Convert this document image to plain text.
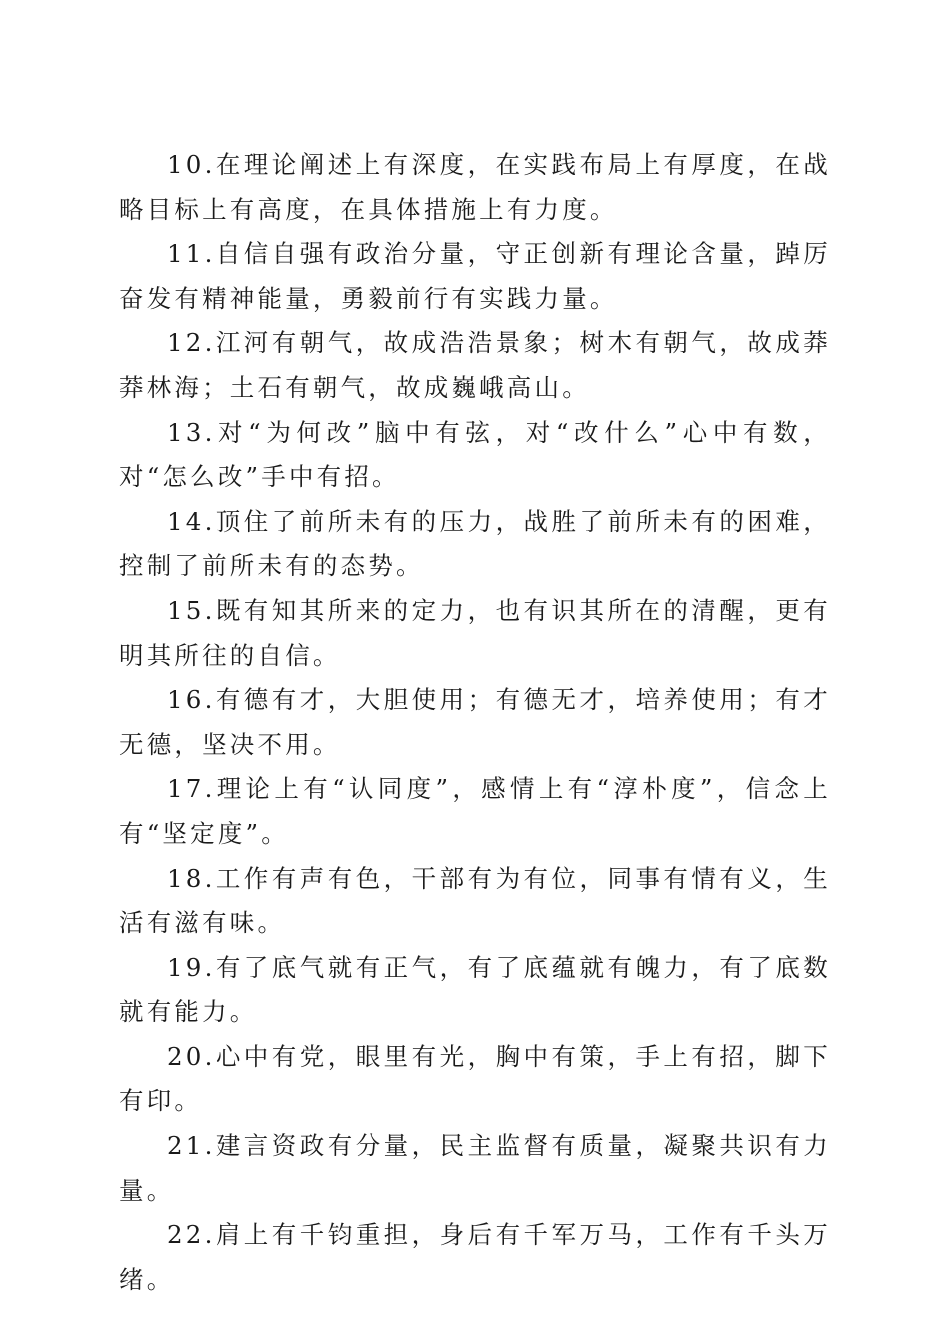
10.在理论阐述上有深度，在实践布局上有厚度，在战略目标上有高度，在具体措施上有力度。

11.自信自强有政治分量，守正创新有理论含量，踔厉奋发有精神能量，勇毅前行有实践力量。

12.江河有朝气，故成浩浩景象；树木有朝气，故成莽莽林海；土石有朝气，故成巍峨高山。

13.对“为何改”脑中有弦，对“改什么”心中有数，对“怎么改”手中有招。

14.顶住了前所未有的压力，战胜了前所未有的困难，控制了前所未有的态势。

15.既有知其所来的定力，也有识其所在的清醒，更有明其所往的自信。

16.有德有才，大胆使用；有德无才，培养使用；有才无德，坚决不用。

17.理论上有“认同度”，感情上有“淳朴度”，信念上有“坚定度”。

18.工作有声有色，干部有为有位，同事有情有义，生活有滋有味。

19.有了底气就有正气，有了底蕴就有魄力，有了底数就有能力。

20.心中有党，眼里有光，胸中有策，手上有招，脚下有印。

21.建言资政有分量，民主监督有质量，凝聚共识有力量。

22.肩上有千钧重担，身后有千军万马，工作有千头万绪。
